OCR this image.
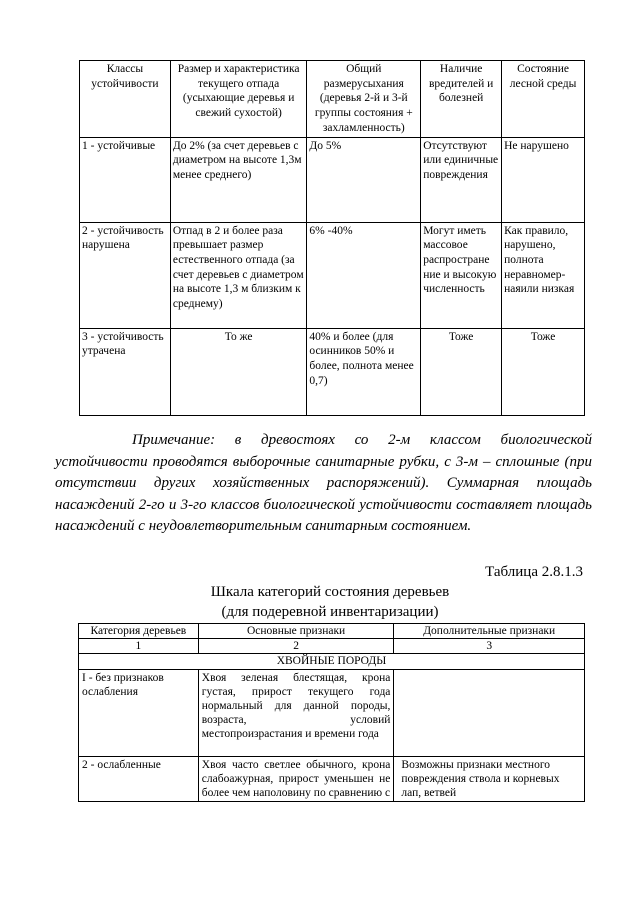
Классы устойчивости	Размер и характеристика текущего отпада (усыхающие деревья и свежий сухостой)	Общий размерусыхания (деревья 2-й и 3-й группы состояния + захламленность)	Наличие вредителей и болезней	Состояние лесной среды
1 - устойчивые	До 2% (за счет деревьев с диаметром на высоте 1,3м менее среднего)	До 5%	Отсутствуют или единичные повреждения	Не нарушено
2 - устойчивость нарушена	Отпад в 2 и более раза превышает размер естественного отпада (за счет деревьев с диаметром на высоте 1,3 м близким к среднему)	6% -40%	Могут иметь массовое распростране ние и высокую численность	Как правило, нарушено, полнота неравномер- наяили низкая
3 - устойчивость утрачена	То же	40% и более (для осинников 50% и более, полнота менее 0,7)	Тоже	Тоже

Примечание: в древостоях со 2-м классом биологической устойчивости проводятся выборочные санитарные рубки, с 3-м – сплошные (при отсутствии других хозяйственных распоряжений). Суммарная площадь насаждений 2-го и 3-го классов биологической устойчивости составляет площадь насаждений с неудовлетворительным санитарным состоянием.

Таблица 2.8.1.3

Шкала категорий состояния деревьев

(для подеревной инвентаризации)

Категория деревьев	Основные признаки	Дополнительные признаки
1	2	3
ХВОЙНЫЕ ПОРОДЫ		
I - без признаков ослабления	Хвоя зеленая блестящая, крона густая, прирост текущего года нормальный для данной породы, возраста, условий местопроизрастания и времени года	
2 - ослабленные	Хвоя часто светлее обычного, крона слабоажурная, прирост уменьшен не более чем наполовину по сравнению с	Возможны признаки местного повреждения ствола и корневых лап, ветвей
